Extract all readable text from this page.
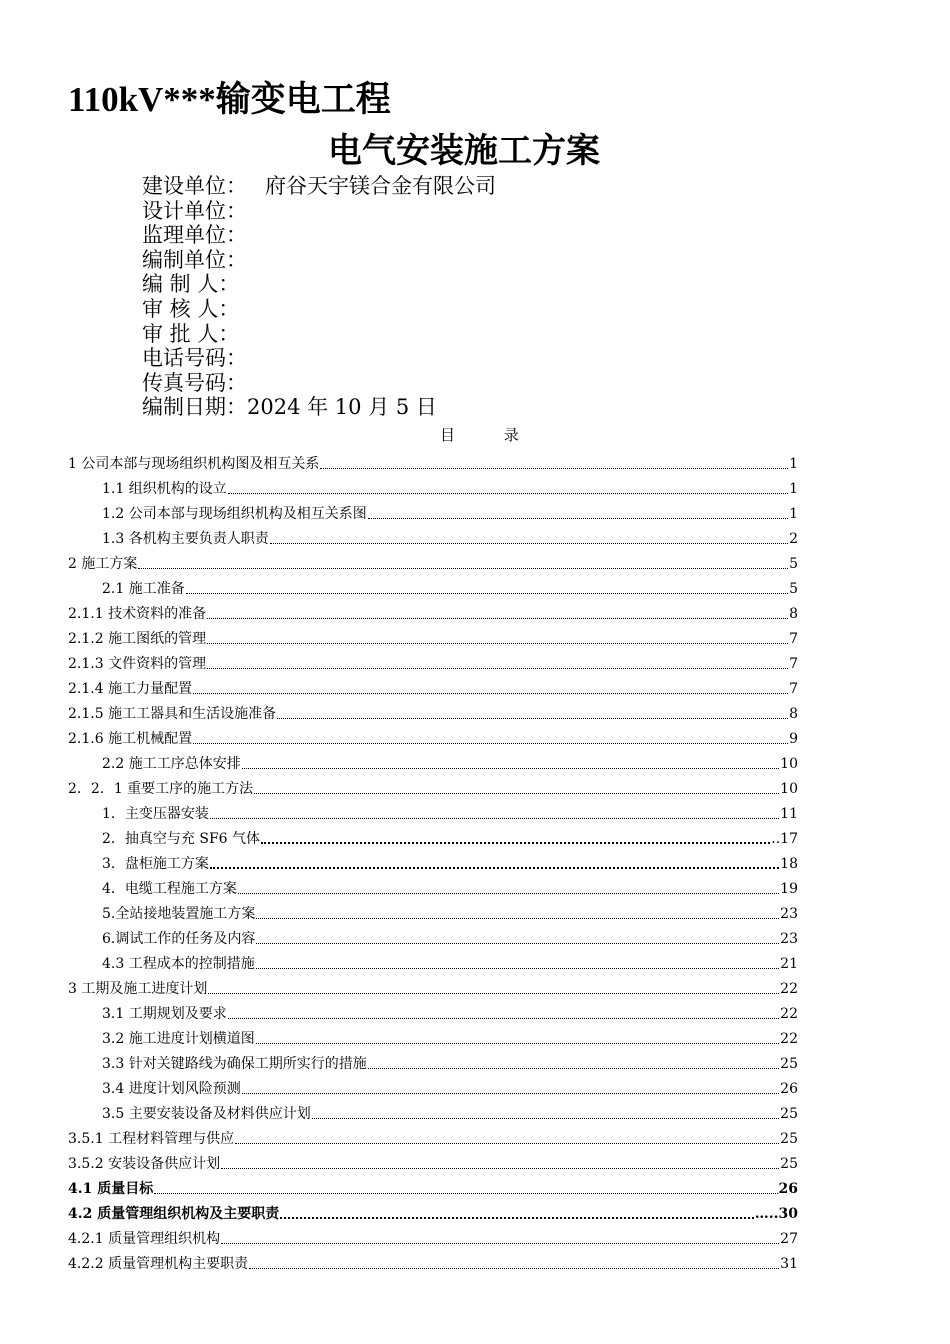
110kV***输变电工程
电气安装施工方案
建设单位： 府谷天宇镁合金有限公司
设计单位：
监理单位：
编制单位：
编 制 人：
审 核 人：
审 批 人：
电话号码：
传真号码：
编制日期：2024 年 10 月 5 日
目 录
1 公司本部与现场组织机构图及相互关系	1
1.1 组织机构的设立	1
1.2 公司本部与现场组织机构及相互关系图	1
1.3 各机构主要负责人职责	2
2 施工方案	5
2.1 施工准备	5
2.1.1 技术资料的准备	8
2.1.2 施工图纸的管理	7
2.1.3 文件资料的管理	7
2.1.4 施工力量配置	7
2.1.5 施工工器具和生活设施准备	8
2.1.6 施工机械配置	9
2.2 施工工序总体安排	10
2．2．1 重要工序的施工方法	10
1．主变压器安装	11
2．抽真空与充 SF6 气体	..17
3．盘柜施工方案	18
4．电缆工程施工方案	19
5.全站接地装置施工方案	23
6.调试工作的任务及内容	23
4.3 工程成本的控制措施	21
3 工期及施工进度计划	22
3.1 工期规划及要求	22
3.2 施工进度计划横道图	22
3.3 针对关键路线为确保工期所实行的措施	25
3.4 进度计划风险预测	26
3.5 主要安装设备及材料供应计划	25
3.5.1 工程材料管理与供应	25
3.5.2 安装设备供应计划	25
4.1 质量目标	26
4.2 质量管理组织机构及主要职责	…..30
4.2.1 质量管理组织机构	27
4.2.2 质量管理机构主要职责	31
